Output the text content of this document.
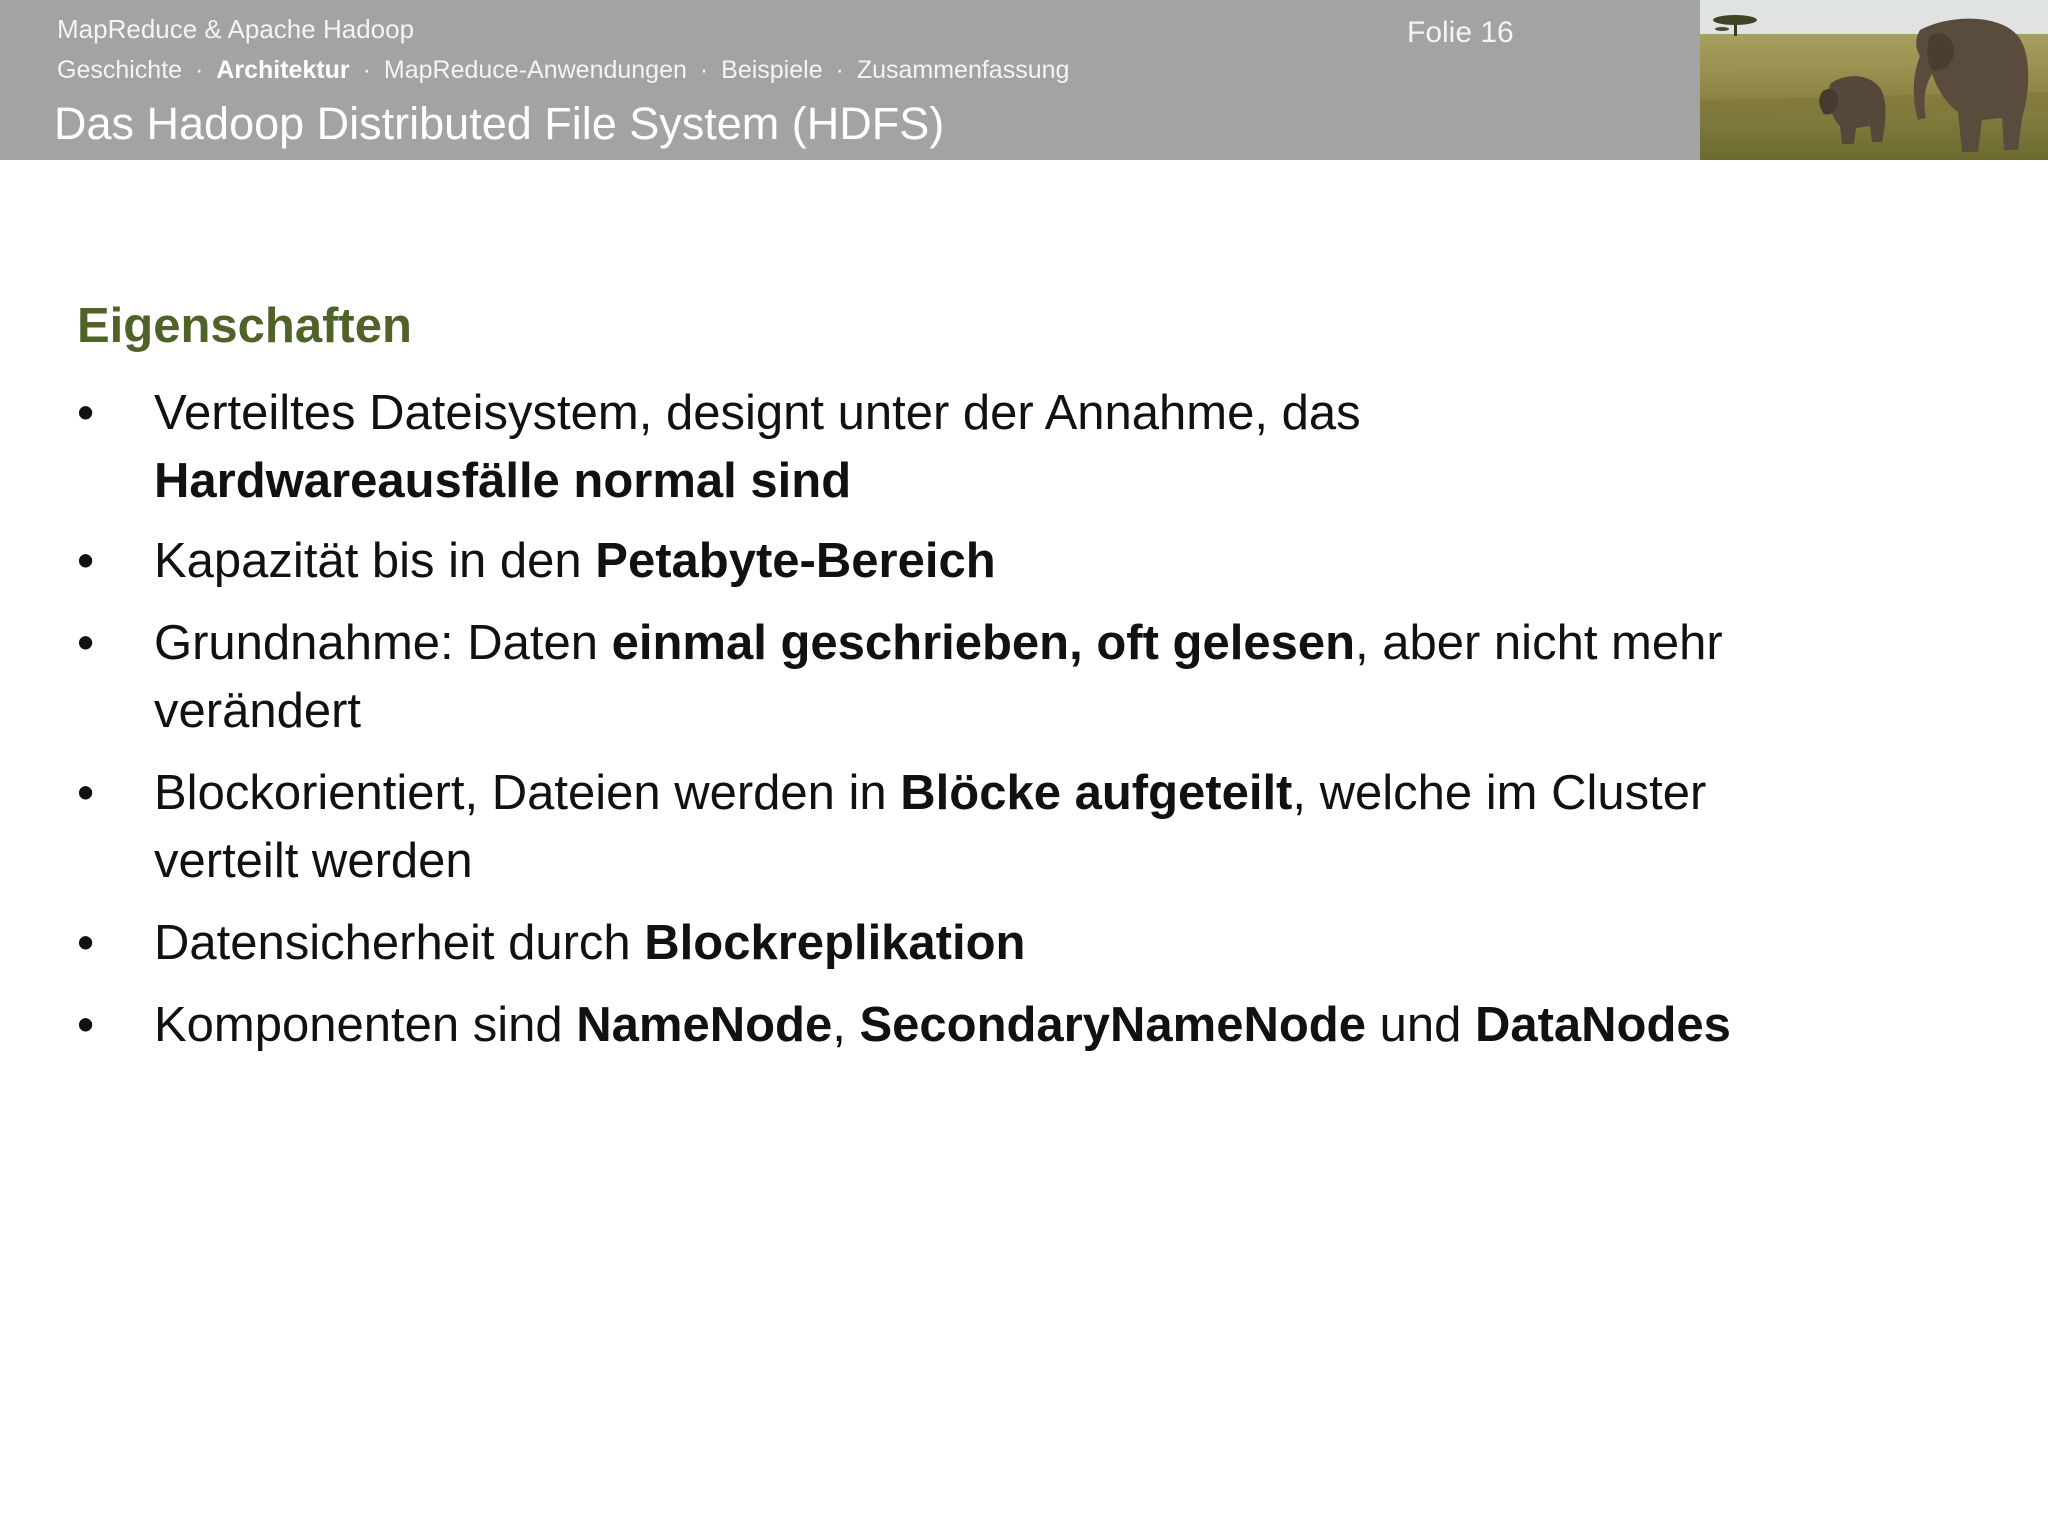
MapReduce & Apache Hadoop
Geschichte · Architektur · MapReduce-Anwendungen · Beispiele · Zusammenfassung
Folie 16
Das Hadoop Distributed File System (HDFS)
Eigenschaften
•	Verteiltes Dateisystem, designt unter der Annahme, das
Hardwareausfälle normal sind
•	Kapazität bis in den Petabyte-Bereich
•	Grundnahme: Daten einmal geschrieben, oft gelesen, aber nicht mehr
verändert
•	Blockorientiert, Dateien werden in Blöcke aufgeteilt, welche im Cluster
verteilt werden
•	Datensicherheit durch Blockreplikation
•	Komponenten sind NameNode, SecondaryNameNode und DataNodes
